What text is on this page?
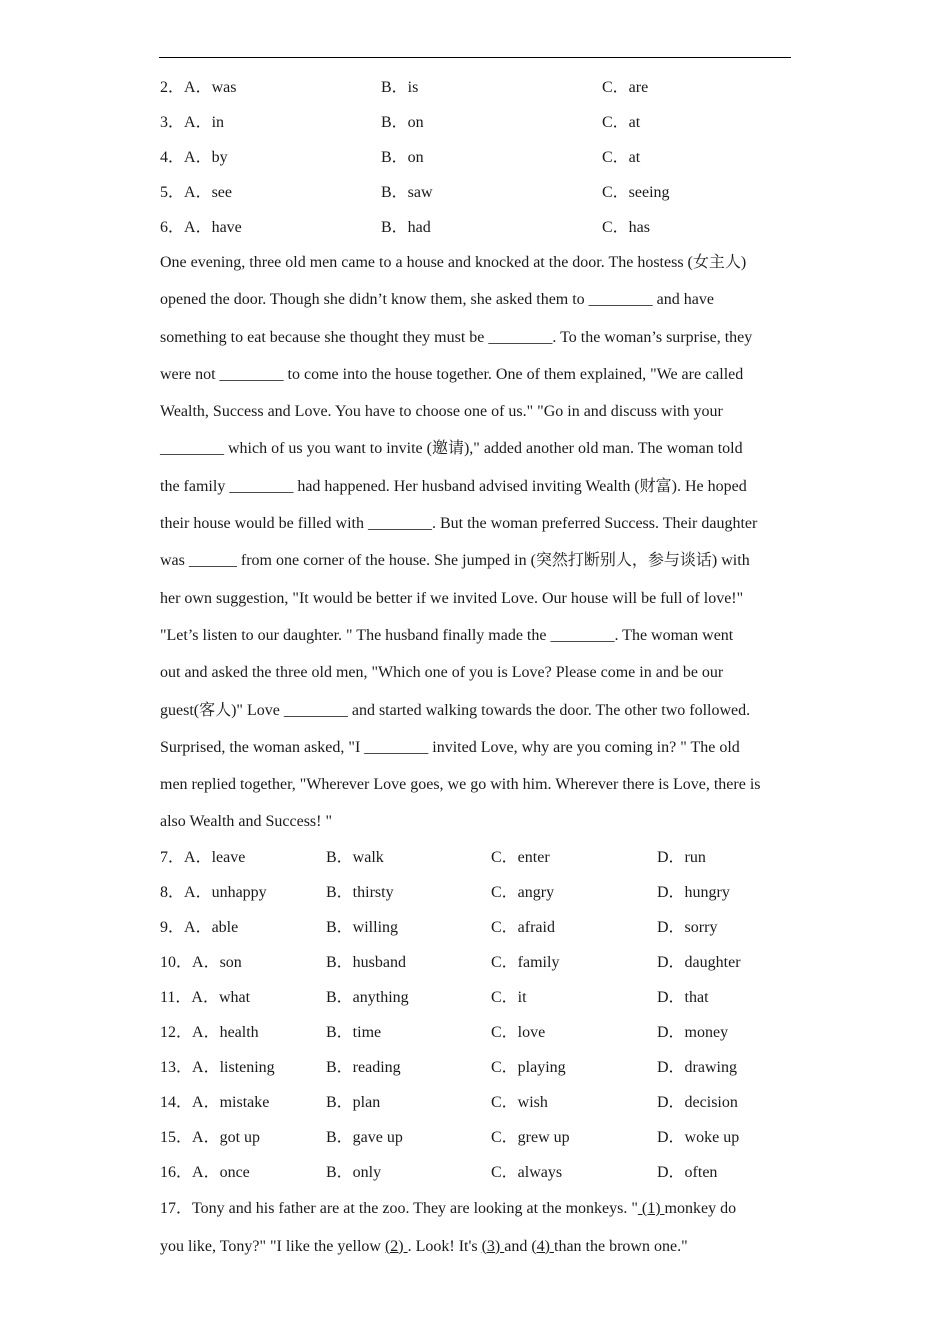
2．A．was	B．is	C．are
3．A．in	B．on	C．at
4．A．by	B．on	C．at
5．A．see	B．saw	C．seeing
6．A．have	B．had	C．has
One evening, three old men came to a house and knocked at the door. The hostess (女主人)
opened the door. Though she didn’t know them, she asked them to ________ and have
something to eat because she thought they must be ________. To the woman’s surprise, they
were not ________ to come into the house together. One of them explained, "We are called
Wealth, Success and Love. You have to choose one of us." "Go in and discuss with your
________ which of us you want to invite (邀请)," added another old man. The woman told
the family ________ had happened. Her husband advised inviting Wealth (财富). He hoped
their house would be filled with ________. But the woman preferred Success. Their daughter
was ______ from one corner of the house. She jumped in (突然打断别人，参与谈话) with
her own suggestion, "It would be better if we invited Love. Our house will be full of love!"
"Let’s listen to our daughter. " The husband finally made the ________. The woman went
out and asked the three old men, "Which one of you is Love? Please come in and be our
guest(客人)" Love ________ and started walking towards the door. The other two followed.
Surprised, the woman asked, "I ________ invited Love, why are you coming in? " The old
men replied together, "Wherever Love goes, we go with him. Wherever there is Love, there is
also Wealth and Success! "
7．A．leave	B．walk	C．enter	D．run
8．A．unhappy	B．thirsty	C．angry	D．hungry
9．A．able	B．willing	C．afraid	D．sorry
10．A．son	B．husband	C．family	D．daughter
11．A．what	B．anything	C．it	D．that
12．A．health	B．time	C．love	D．money
13．A．listening	B．reading	C．playing	D．drawing
14．A．mistake	B．plan	C．wish	D．decision
15．A．got up	B．gave up	C．grew up	D．woke up
16．A．once	B．only	C．always	D．often
17．Tony and his father are at the zoo. They are looking at the monkeys. " (1) monkey do
you like, Tony?" "I like the yellow (2) . Look! It's (3) and (4) than the brown one."
